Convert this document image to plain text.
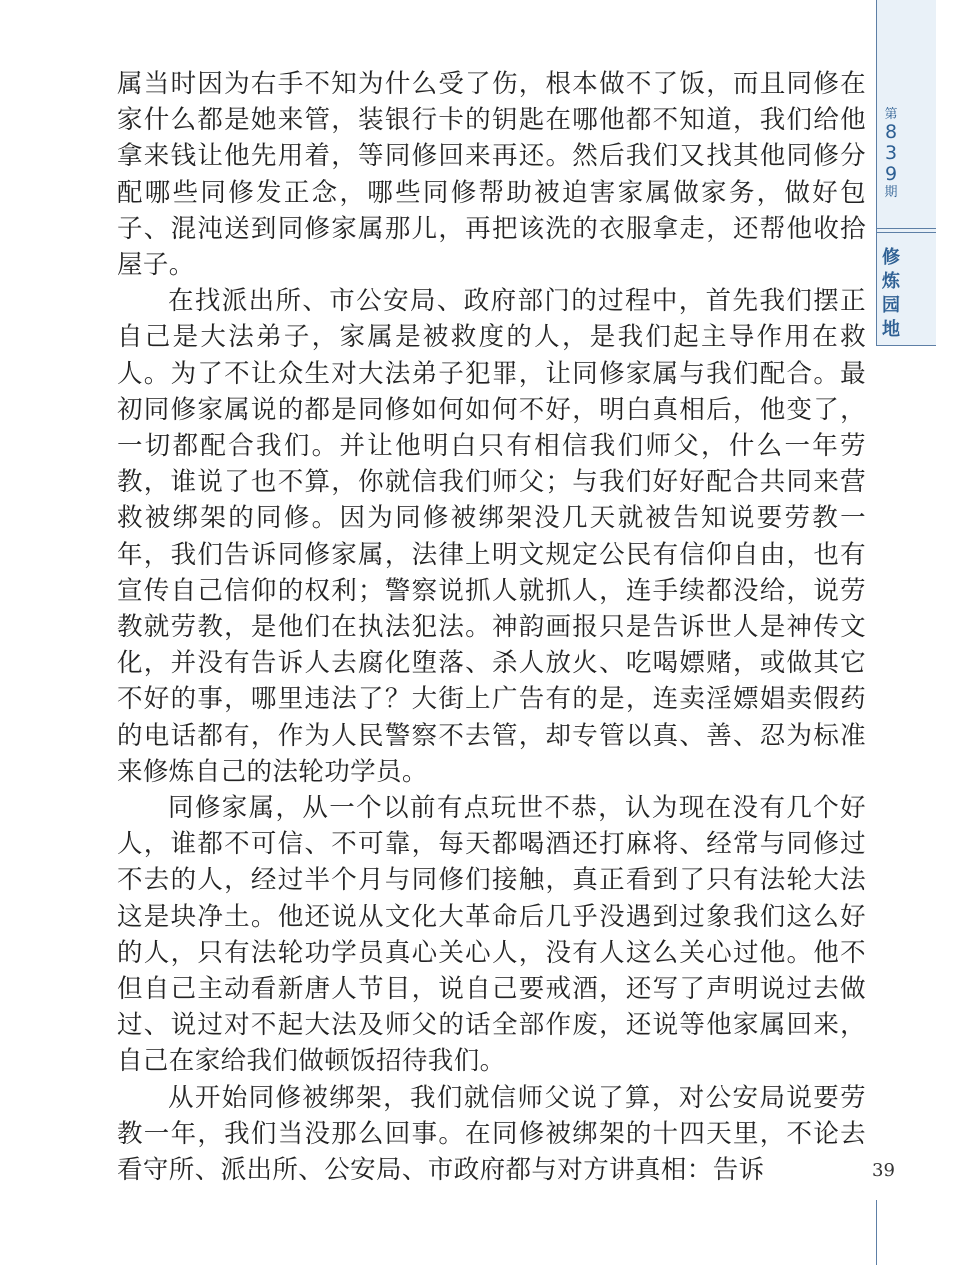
第
8
3
9
期
修
炼
园
地

属当时因为右手不知为什么受了伤，根本做不了饭，而且同修在家什么都是她来管，装银行卡的钥匙在哪他都不知道，我们给他拿来钱让他先用着，等同修回来再还。然后我们又找其他同修分配哪些同修发正念，哪些同修帮助被迫害家属做家务，做好包子、混沌送到同修家属那儿，再把该洗的衣服拿走，还帮他收拾屋子。

在找派出所、市公安局、政府部门的过程中，首先我们摆正自己是大法弟子，家属是被救度的人，是我们起主导作用在救人。为了不让众生对大法弟子犯罪，让同修家属与我们配合。最初同修家属说的都是同修如何如何不好，明白真相后，他变了，一切都配合我们。并让他明白只有相信我们师父，什么一年劳教，谁说了也不算，你就信我们师父；与我们好好配合共同来营救被绑架的同修。因为同修被绑架没几天就被告知说要劳教一年，我们告诉同修家属，法律上明文规定公民有信仰自由，也有宣传自己信仰的权利；警察说抓人就抓人，连手续都没给，说劳教就劳教，是他们在执法犯法。神韵画报只是告诉世人是神传文化，并没有告诉人去腐化堕落、杀人放火、吃喝嫖赌，或做其它不好的事，哪里违法了？大街上广告有的是，连卖淫嫖娼卖假药的电话都有，作为人民警察不去管，却专管以真、善、忍为标准来修炼自己的法轮功学员。

同修家属，从一个以前有点玩世不恭，认为现在没有几个好人，谁都不可信、不可靠，每天都喝酒还打麻将、经常与同修过不去的人，经过半个月与同修们接触，真正看到了只有法轮大法这是块净土。他还说从文化大革命后几乎没遇到过象我们这么好的人，只有法轮功学员真心关心人，没有人这么关心过他。他不但自己主动看新唐人节目，说自己要戒酒，还写了声明说过去做过、说过对不起大法及师父的话全部作废，还说等他家属回来，自己在家给我们做顿饭招待我们。

从开始同修被绑架，我们就信师父说了算，对公安局说要劳教一年，我们当没那么回事。在同修被绑架的十四天里，不论去看守所、派出所、公安局、市政府都与对方讲真相：告诉	39
